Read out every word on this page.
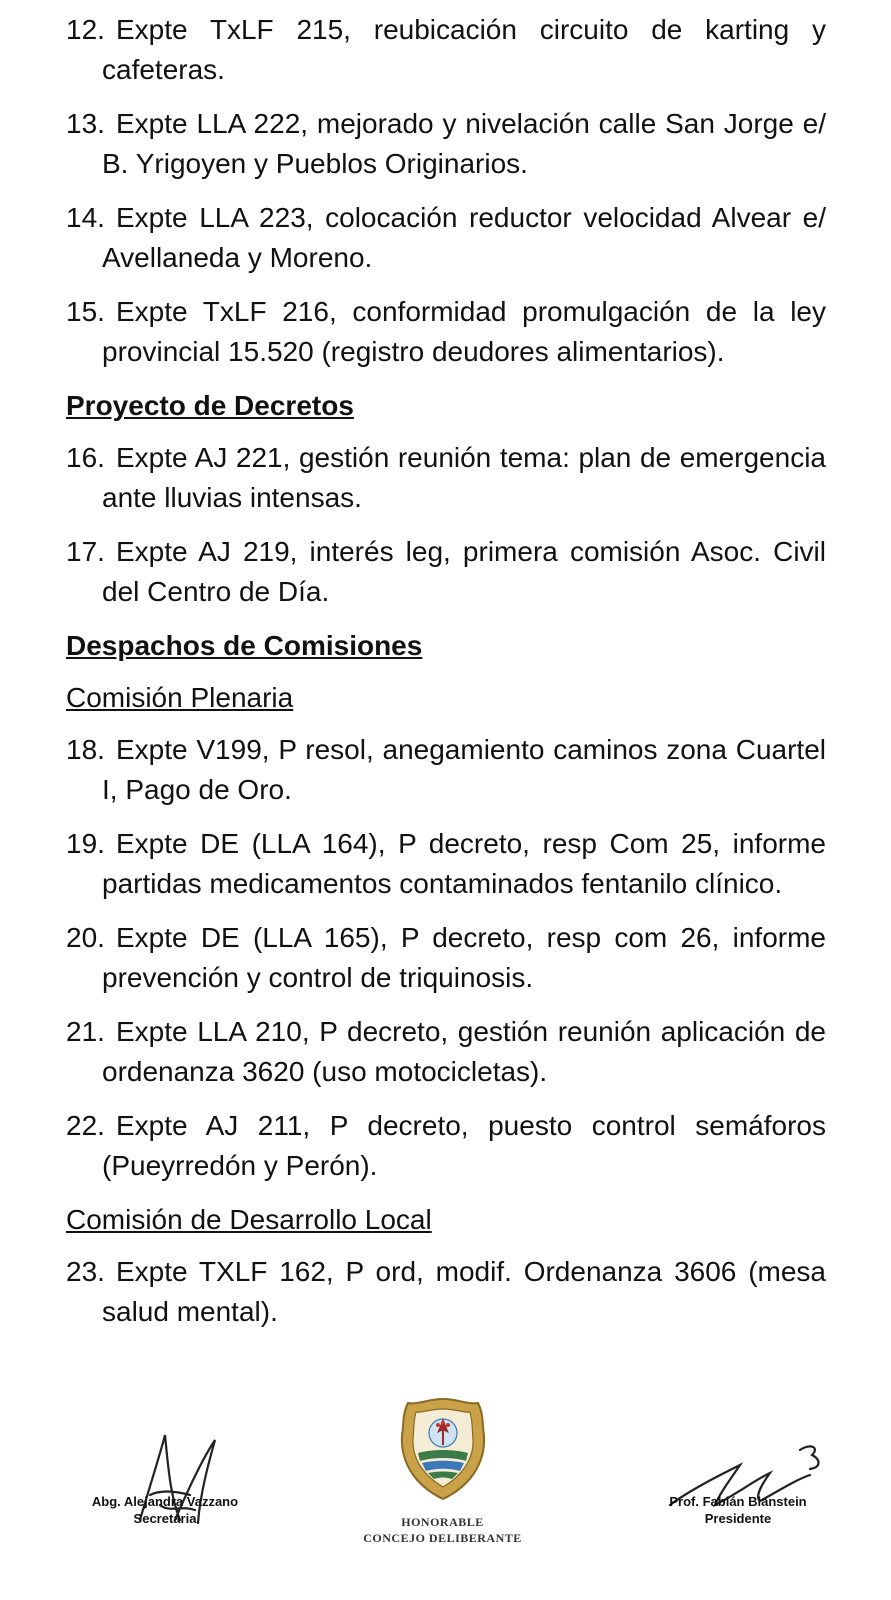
12. Expte TxLF 215, reubicación circuito de karting y cafeteras.
13. Expte LLA 222, mejorado y nivelación calle San Jorge e/ B. Yrigoyen y Pueblos Originarios.
14. Expte LLA 223, colocación reductor velocidad Alvear e/ Avellaneda y Moreno.
15. Expte TxLF 216, conformidad promulgación de la ley provincial 15.520 (registro deudores alimentarios).
Proyecto de Decretos
16. Expte AJ 221, gestión reunión tema: plan de emergencia ante lluvias intensas.
17. Expte AJ 219, interés leg, primera comisión Asoc. Civil del Centro de Día.
Despachos de Comisiones
Comisión Plenaria
18. Expte V199, P resol, anegamiento caminos zona Cuartel I, Pago de Oro.
19. Expte DE (LLA 164), P decreto, resp Com 25, informe partidas medicamentos contaminados fentanilo clínico.
20. Expte DE (LLA 165), P decreto, resp com 26, informe prevención y control de triquinosis.
21. Expte LLA 210, P decreto, gestión reunión aplicación de ordenanza 3620 (uso motocicletas).
22. Expte AJ 211, P decreto, puesto control semáforos (Pueyrredón y Perón).
Comisión de Desarrollo Local
23. Expte TXLF 162, P ord, modif. Ordenanza 3606 (mesa salud mental).
Abg. Alejandra Vazzano
Secretaria	HONORABLE
CONCEJO DELIBERANTE
Prof. Fabián Blanstein
Presidente
